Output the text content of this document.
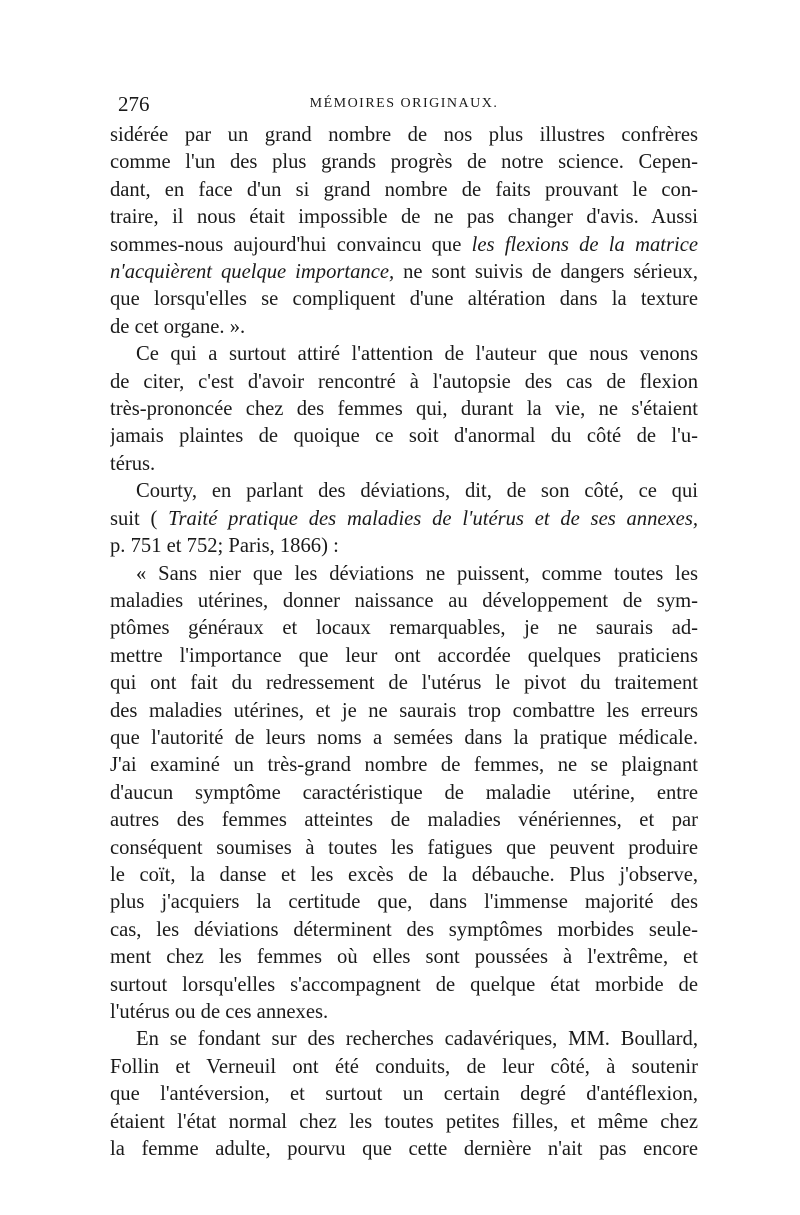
276	MÉMOIRES ORIGINAUX.
sidérée par un grand nombre de nos plus illustres confrères
comme l'un des plus grands progrès de notre science. Cepen-
dant, en face d'un si grand nombre de faits prouvant le con-
traire, il nous était impossible de ne pas changer d'avis. Aussi
sommes-nous aujourd'hui convaincu que les flexions de la matrice
n'acquièrent quelque importance, ne sont suivis de dangers sérieux,
que lorsqu'elles se compliquent d'une altération dans la texture
de cet organe. ».
Ce qui a surtout attiré l'attention de l'auteur que nous venons
de citer, c'est d'avoir rencontré à l'autopsie des cas de flexion
très-prononcée chez des femmes qui, durant la vie, ne s'étaient
jamais plaintes de quoique ce soit d'anormal du côté de l'u-
térus.
Courty, en parlant des déviations, dit, de son côté, ce qui
suit ( Traité pratique des maladies de l'utérus et de ses annexes,
p. 751 et 752; Paris, 1866) :
« Sans nier que les déviations ne puissent, comme toutes les
maladies utérines, donner naissance au développement de sym-
ptômes généraux et locaux remarquables, je ne saurais ad-
mettre l'importance que leur ont accordée quelques praticiens
qui ont fait du redressement de l'utérus le pivot du traitement
des maladies utérines, et je ne saurais trop combattre les erreurs
que l'autorité de leurs noms a semées dans la pratique médicale.
J'ai examiné un très-grand nombre de femmes, ne se plaignant
d'aucun symptôme caractéristique de maladie utérine, entre
autres des femmes atteintes de maladies vénériennes, et par
conséquent soumises à toutes les fatigues que peuvent produire
le coït, la danse et les excès de la débauche. Plus j'observe,
plus j'acquiers la certitude que, dans l'immense majorité des
cas, les déviations déterminent des symptômes morbides seule-
ment chez les femmes où elles sont poussées à l'extrême, et
surtout lorsqu'elles s'accompagnent de quelque état morbide de
l'utérus ou de ces annexes.
En se fondant sur des recherches cadavériques, MM. Boullard,
Follin et Verneuil ont été conduits, de leur côté, à soutenir
que l'antéversion, et surtout un certain degré d'antéflexion,
étaient l'état normal chez les toutes petites filles, et même chez
la femme adulte, pourvu que cette dernière n'ait pas encore
